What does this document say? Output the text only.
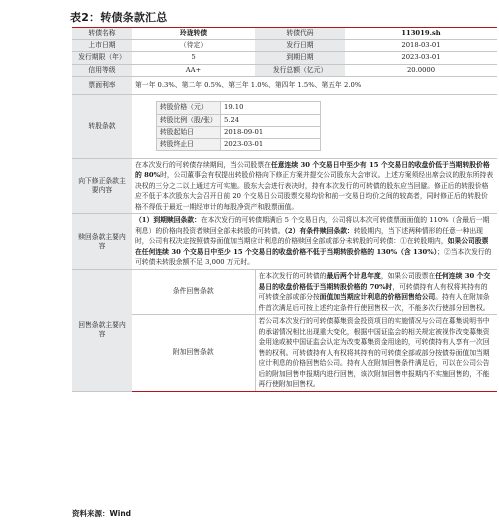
表2：转债条款汇总
转债名称	玲珑转债	转债代码	113019.sh
上市日期	（待定）	发行日期	2018-03-01
发行期限（年）	5	到期日期	2023-03-01
信用等级	AA+	发行总额（亿元）	20.0000
票面利率	第一年 0.3%、第二年 0.5%、第三年 1.0%、第四年 1.5%、第五年 2.0%
转股条款	
转股价格（元）	19.10
转股比例（股/张）	5.24
转股起始日	2018-09-01
转股终止日	2023-03-01

向下修正条款主要内容	在本次发行的可转债存续期间，当公司股票在任意连续 30 个交易日中至少有 15 个交易日的收盘价低于当期转股价格的 80%时，公司董事会有权提出转股价格向下修正方案并提交公司股东大会审议。上述方案须经出席会议的股东所持表决权的三分之二以上通过方可实施。股东大会进行表决时，持有本次发行的可转债的股东应当回避。修正后的转股价格应不低于本次股东大会召开日前 20 个交易日公司股票交易均价和前一交易日均价之间的较高者，同时修正后的转股价格不得低于最近一期经审计的每股净资产和股票面值。
赎回条款主要内容	（1）到期赎回条款：在本次发行的可转债期满后 5 个交易日内，公司将以本次可转债票面面值的 110%（含最后一期利息）的价格向投资者赎回全部未转股的可转债。（2）有条件赎回条款：转股期内，当下述两种情形的任意一种出现时，公司有权决定按照债券面值加当期应计利息的价格赎回全部或部分未转股的可转债：①在转股期内，如果公司股票在任何连续 30 个交易日中至少 15 个交易日的收盘价格不低于当期转股价格的 130%（含 130%）；②当本次发行的可转债未转股余额不足 3,000 万元时。
回售条款主要内容	条件回售条款	在本次发行的可转债的最后两个计息年度，如果公司股票在任何连续 30 个交易日的收盘价格低于当期转股价格的 70%时，可转债持有人有权将其持有的可转债全部或部分按面值加当期应计利息的价格回售给公司。持有人在附加条件首次满足后可按上述约定条件行使回售权一次，不能多次行使部分回售权。
附加回售条款	若公司本次发行的可转债募集资金投资项目的实施情况与公司在募集说明书中的承诺情况相比出现重大变化，根据中国证监会的相关规定被视作改变募集资金用途或被中国证监会认定为改变募集资金用途的，可转债持有人享有一次回售的权利。可转债持有人有权将其持有的可转债全部或部分按债券面值加当期应计利息的价格回售给公司。持有人在附加回售条件满足后，可以在公司公告后的附加回售申报期内进行回售，该次附加回售申报期内不实施回售的，不能再行使附加回售权。
资料来源：Wind
